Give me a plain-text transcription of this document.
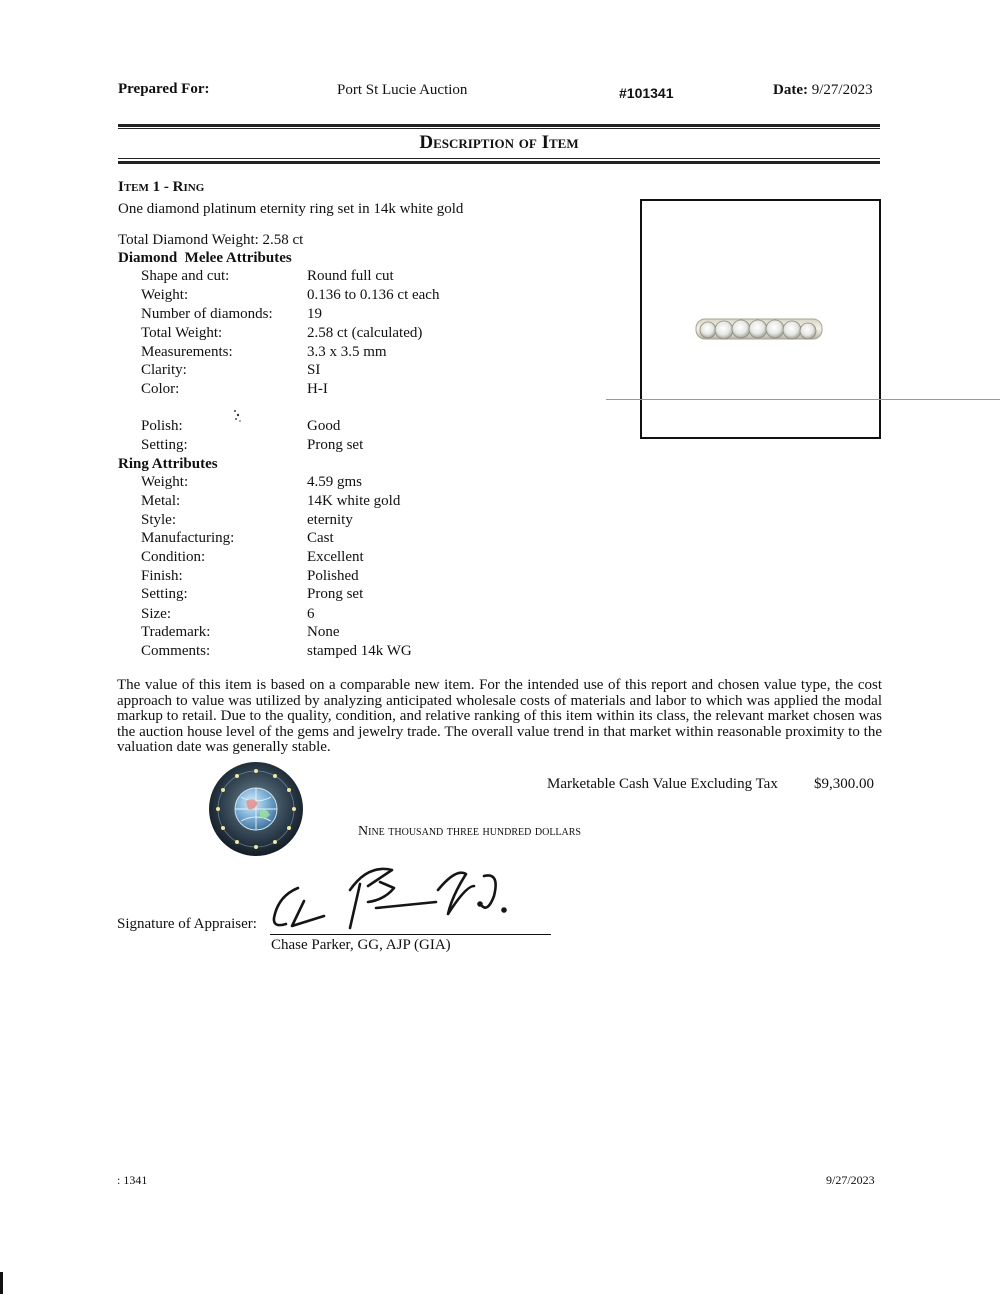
Prepared For:	Port St Lucie Auction	#101341	Date: 9/27/2023
Description of Item
Item 1 - Ring
One diamond platinum eternity ring set in 14k white gold
Total Diamond Weight: 2.58 ct
Diamond  Melee Attributes
Shape and cut:	Round full cut
Weight:	0.136 to 0.136 ct each
Number of diamonds: 19
Total Weight:	2.58 ct (calculated)
Measurements:	3.3 x 3.5 mm
Clarity:	SI
Color:	H-I
Polish:	Good
Setting:	Prong set
Ring Attributes
Weight:	4.59 gms
Metal:	14K white gold
Style:	eternity
Manufacturing:	Cast
Condition:	Excellent
Finish:	Polished
Setting:	Prong set
Size:	6
Trademark:	None
Comments:	stamped 14k WG
The value of this item is based on a comparable new item. For the intended use of this report and chosen value type, the cost approach to value was utilized by analyzing anticipated wholesale costs of materials and labor to which was applied the modal markup to retail. Due to the quality, condition, and relative ranking of this item within its class, the relevant market chosen was the auction house level of the gems and jewelry trade. The overall value trend in that market within reasonable proximity to the valuation date was generally stable.
Marketable Cash Value Excluding Tax $9,300.00
Nine thousand three hundred dollars
Signature of Appraiser:
Chase Parker, GG, AJP (GIA)
: 1341	9/27/2023
